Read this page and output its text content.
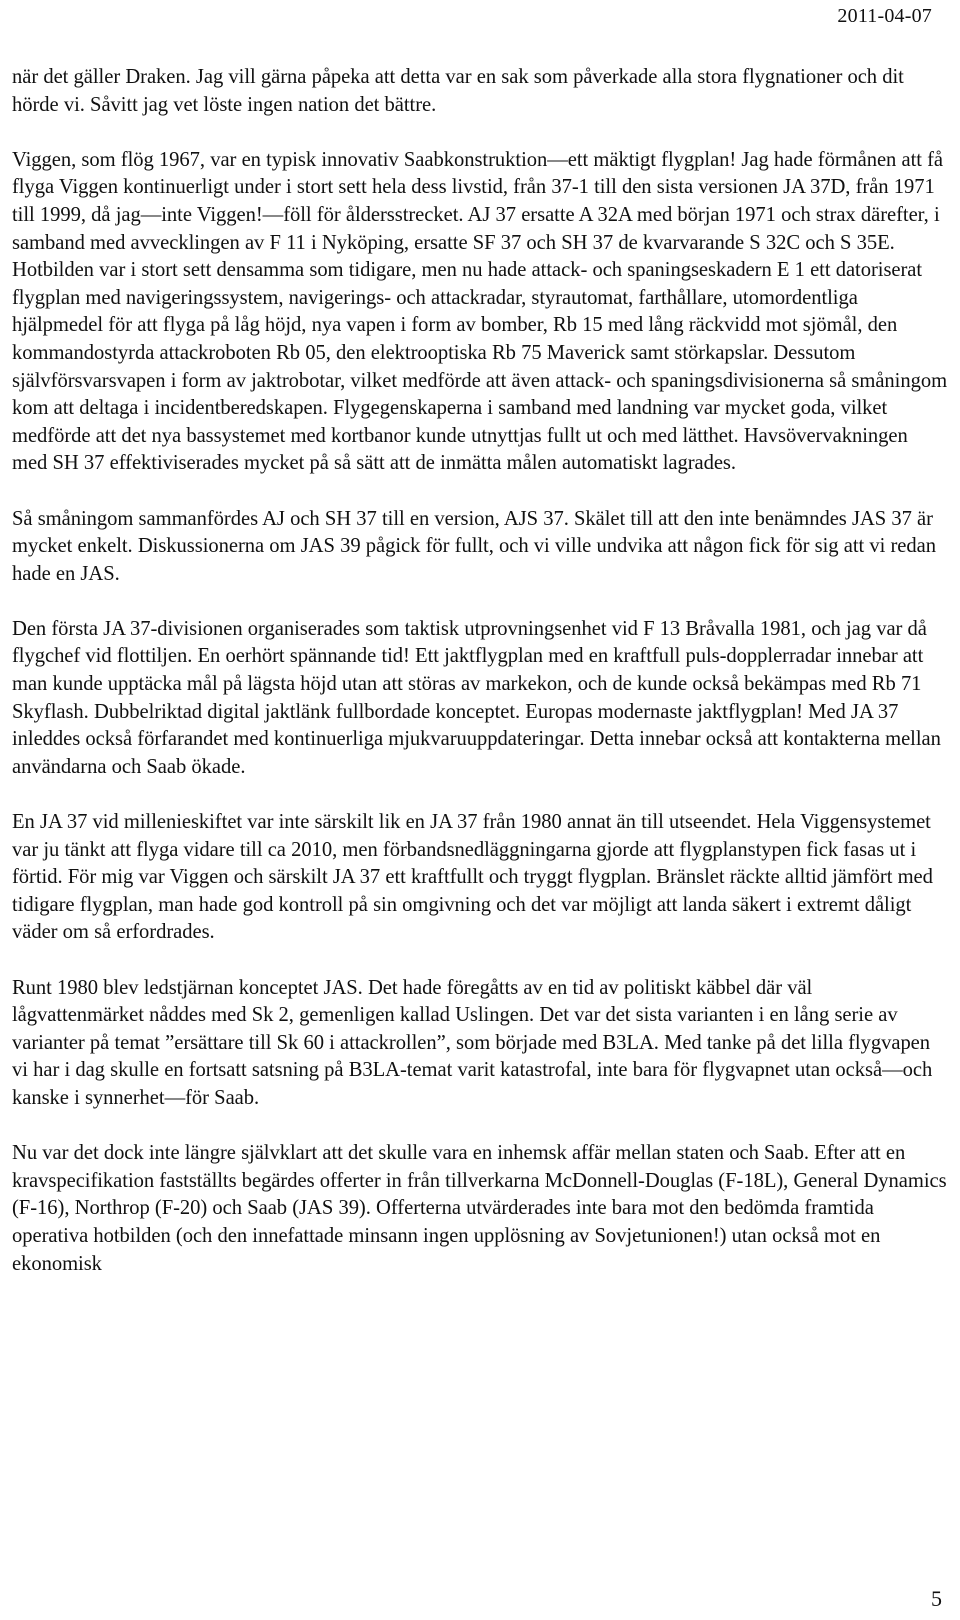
2011-04-07

när det gäller Draken. Jag vill gärna påpeka att detta var en sak som påverkade alla stora flygnationer och dit hörde vi. Såvitt jag vet löste ingen nation det bättre.

Viggen, som flög 1967, var en typisk innovativ Saabkonstruktion—ett mäktigt flygplan! Jag hade förmånen att få flyga Viggen kontinuerligt under i stort sett hela dess livstid, från 37-1 till den sista versionen JA 37D, från 1971 till 1999, då jag—inte Viggen!—föll för åldersstrecket. AJ 37 ersatte A 32A med början 1971 och strax därefter, i samband med avvecklingen av F 11 i Nyköping, ersatte SF 37 och SH 37 de kvarvarande S 32C och S 35E. Hotbilden var i stort sett densamma som tidigare, men nu hade attack- och spaningseskadern E 1 ett datoriserat flygplan med navigeringssystem, navigerings- och attackradar, styrautomat, farthållare, utomordentliga hjälpmedel för att flyga på låg höjd, nya vapen i form av bomber, Rb 15 med lång räckvidd mot sjömål, den kommandostyrda attackroboten Rb 05, den elektrooptiska Rb 75 Maverick samt störkapslar. Dessutom självförsvarsvapen i form av jaktrobotar, vilket medförde att även attack- och spaningsdivisionerna så småningom kom att deltaga i incidentberedskapen. Flygegenskaperna i samband med landning var mycket goda, vilket medförde att det nya bassystemet med kortbanor kunde utnyttjas fullt ut och med lätthet. Havsövervakningen med SH 37 effektiviserades mycket på så sätt att de inmätta målen automatiskt lagrades.

Så småningom sammanfördes AJ och SH 37 till en version, AJS 37. Skälet till att den inte benämndes JAS 37 är mycket enkelt. Diskussionerna om JAS 39 pågick för fullt, och vi ville undvika att någon fick för sig att vi redan hade en JAS.

Den första JA 37-divisionen organiserades som taktisk utprovningsenhet vid F 13 Bråvalla 1981, och jag var då flygchef vid flottiljen. En oerhört spännande tid! Ett jaktflygplan med en kraftfull puls-dopplerradar innebar att man kunde upptäcka mål på lägsta höjd utan att störas av markekon, och de kunde också bekämpas med Rb 71 Skyflash. Dubbelriktad digital jaktlänk fullbordade konceptet. Europas modernaste jaktflygplan! Med JA 37 inleddes också förfarandet med kontinuerliga mjukvaruuppdateringar. Detta innebar också att kontakterna mellan användarna och Saab ökade.

En JA 37 vid millenieskiftet var inte särskilt lik en JA 37 från 1980 annat än till utseendet. Hela Viggensystemet var ju tänkt att flyga vidare till ca 2010, men förbandsnedläggningarna gjorde att flygplanstypen fick fasas ut i förtid. För mig var Viggen och särskilt JA 37 ett kraftfullt och tryggt flygplan. Bränslet räckte alltid jämfört med tidigare flygplan, man hade god kontroll på sin omgivning och det var möjligt att landa säkert i extremt dåligt väder om så erfordrades.

Runt 1980 blev ledstjärnan konceptet JAS. Det hade föregåtts av en tid av politiskt käbbel där väl lågvattenmärket nåddes med Sk 2, gemenligen kallad Uslingen. Det var det sista varianten i en lång serie av varianter på temat ”ersättare till Sk 60 i attackrollen”, som började med B3LA. Med tanke på det lilla flygvapen vi har i dag skulle en fortsatt satsning på B3LA-temat varit katastrofal, inte bara för flygvapnet utan också—och kanske i synnerhet—för Saab.

Nu var det dock inte längre självklart att det skulle vara en inhemsk affär mellan staten och Saab. Efter att en kravspecifikation fastställts begärdes offerter in från tillverkarna McDonnell-Douglas (F-18L), General Dynamics (F-16), Northrop (F-20) och Saab (JAS 39). Offerterna utvärderades inte bara mot den bedömda framtida operativa hotbilden (och den innefattade minsann ingen upplösning av Sovjetunionen!) utan också mot en ekonomisk

5
